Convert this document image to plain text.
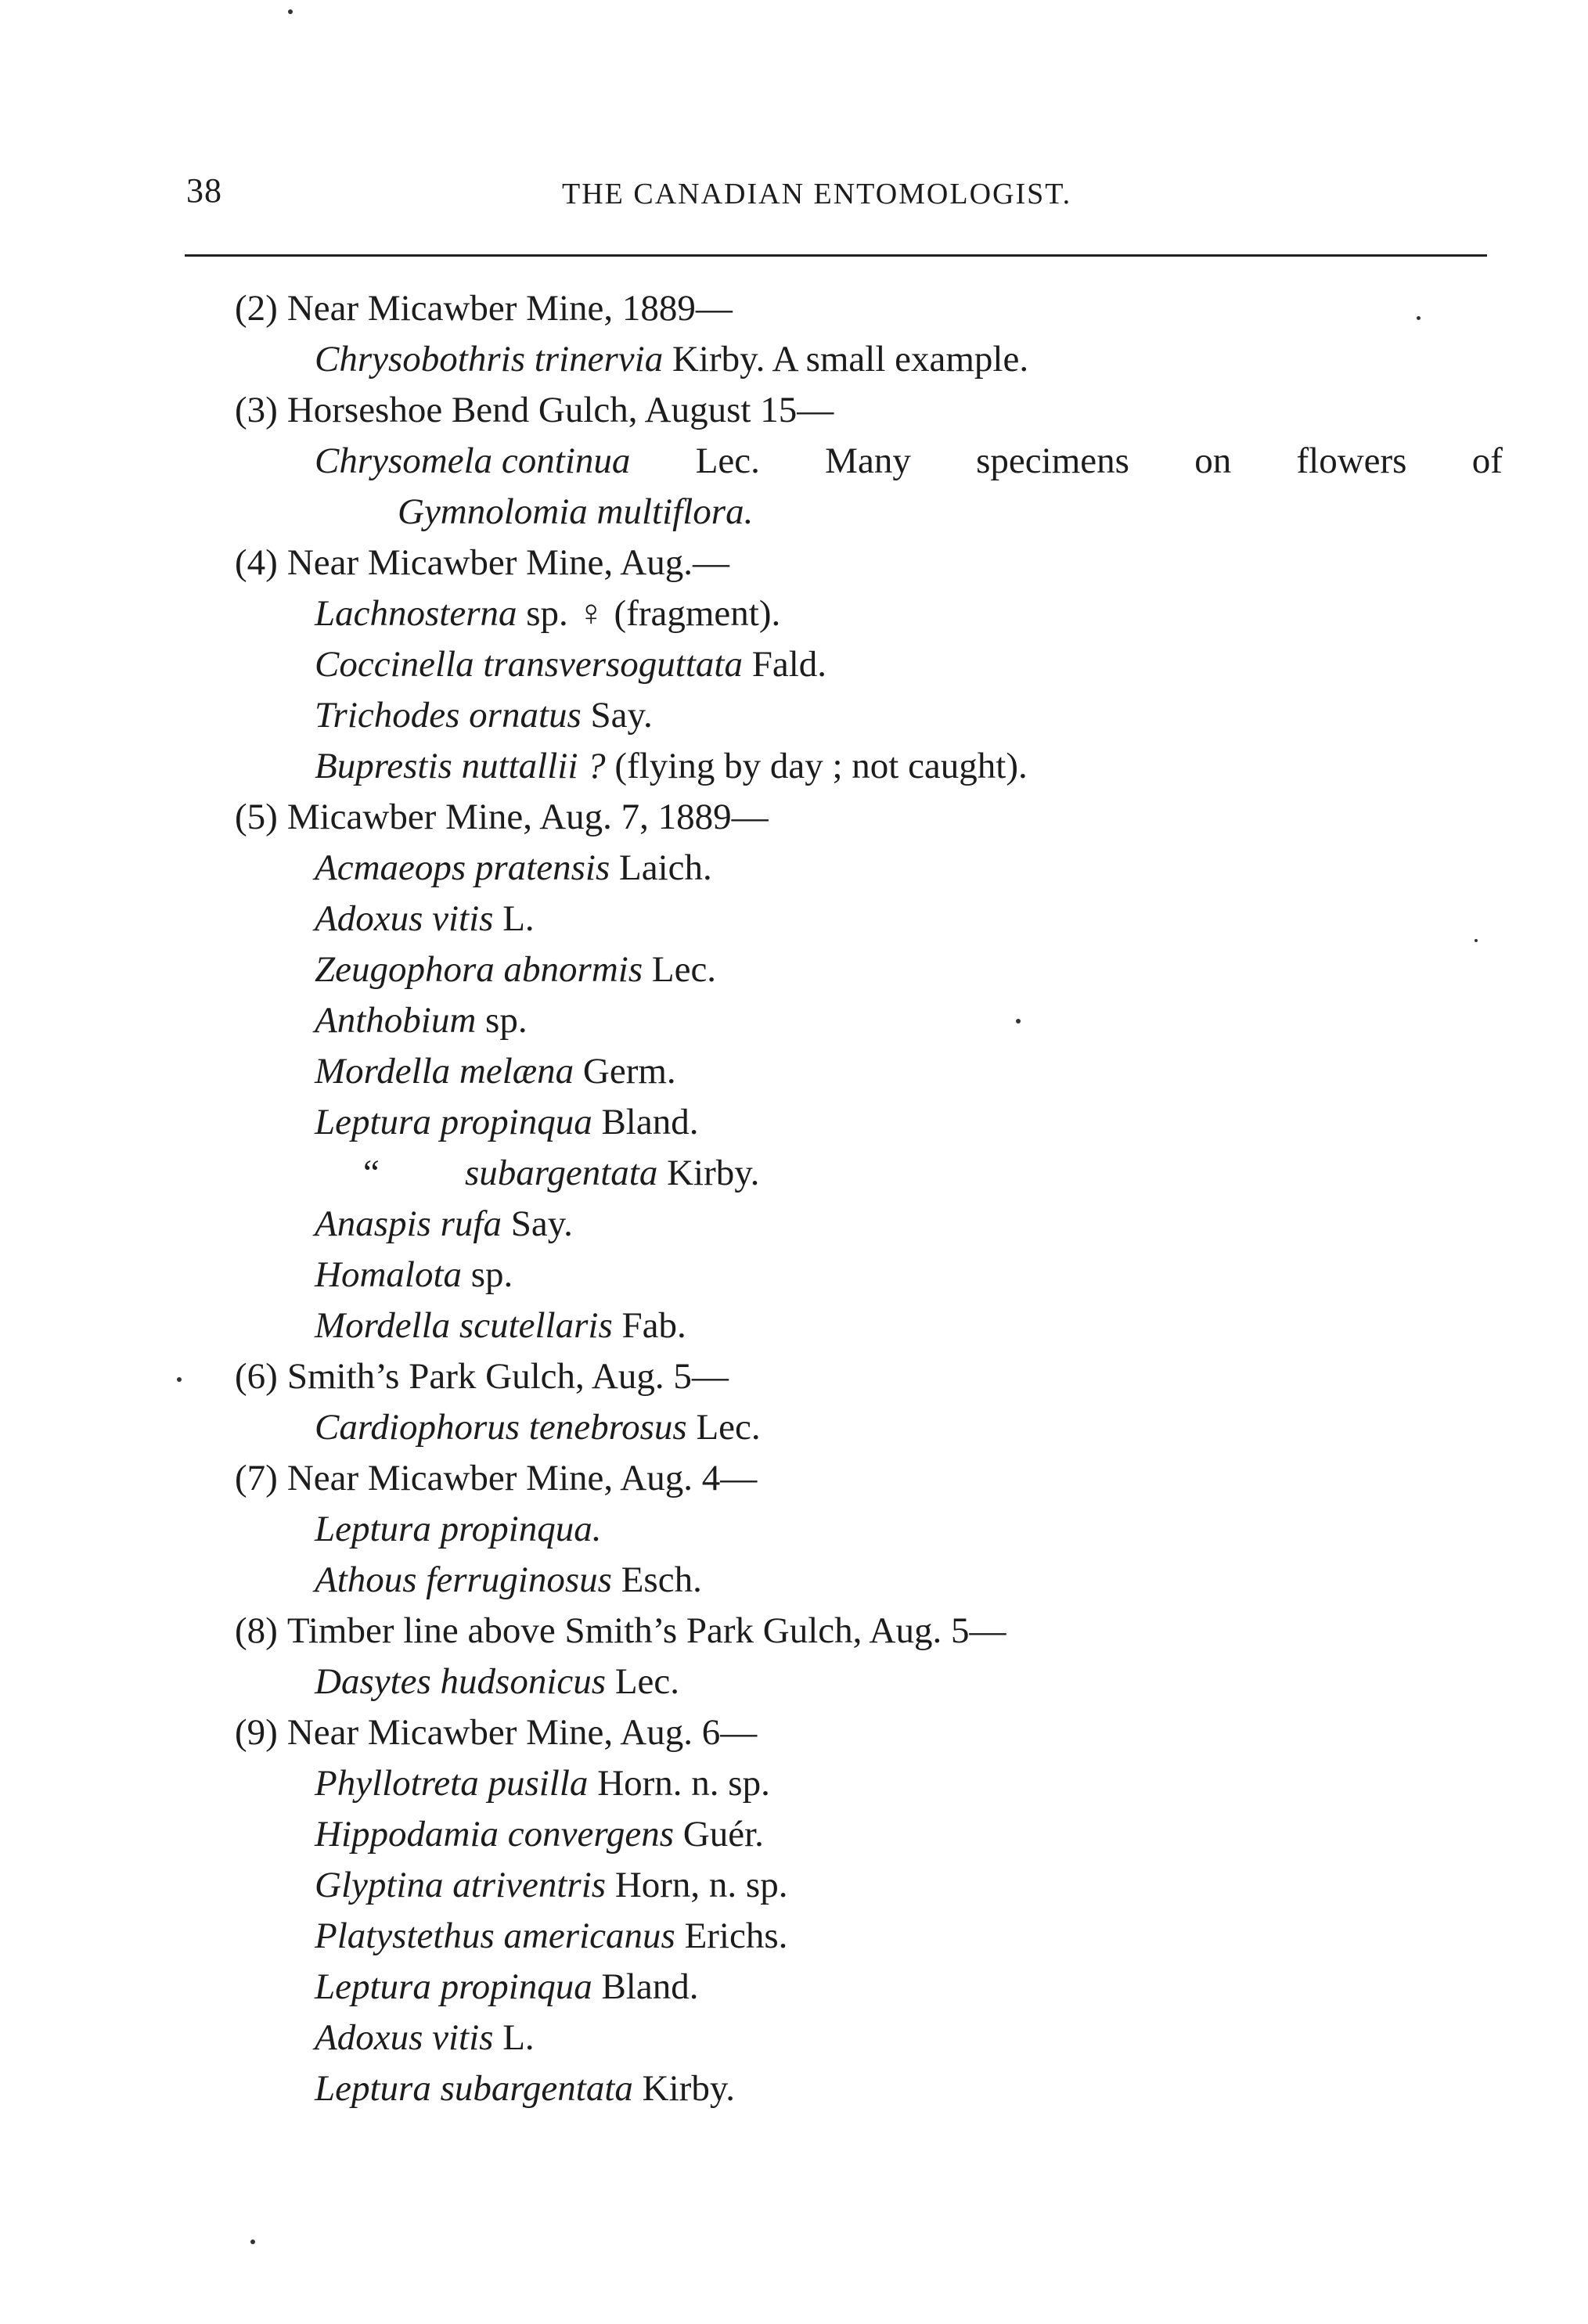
38	THE CANADIAN ENTOMOLOGIST.
(2) Near Micawber Mine, 1889—
Chrysobothris trinervia Kirby. A small example.
(3) Horseshoe Bend Gulch, August 15—
Chrysomela continua Lec. Many specimens on flowers of
Gymnolomia multiflora.
(4) Near Micawber Mine, Aug.—
Lachnosterna sp. ♀ (fragment).
Coccinella transversoguttata Fald.
Trichodes ornatus Say.
Buprestis nuttallii ? (flying by day ; not caught).
(5) Micawber Mine, Aug. 7, 1889—
Acmaeops pratensis Laich.
Adoxus vitis L.
Zeugophora abnormis Lec.
Anthobium sp.
Mordella melæna Germ.
Leptura propinqua Bland.
“ subargentata Kirby.
Anaspis rufa Say.
Homalota sp.
Mordella scutellaris Fab.
(6) Smith’s Park Gulch, Aug. 5—
Cardiophorus tenebrosus Lec.
(7) Near Micawber Mine, Aug. 4—
Leptura propinqua.
Athous ferruginosus Esch.
(8) Timber line above Smith’s Park Gulch, Aug. 5—
Dasytes hudsonicus Lec.
(9) Near Micawber Mine, Aug. 6—
Phyllotreta pusilla Horn. n. sp.
Hippodamia convergens Guér.
Glyptina atriventris Horn, n. sp.
Platystethus americanus Erichs.
Leptura propinqua Bland.
Adoxus vitis L.
Leptura subargentata Kirby.
